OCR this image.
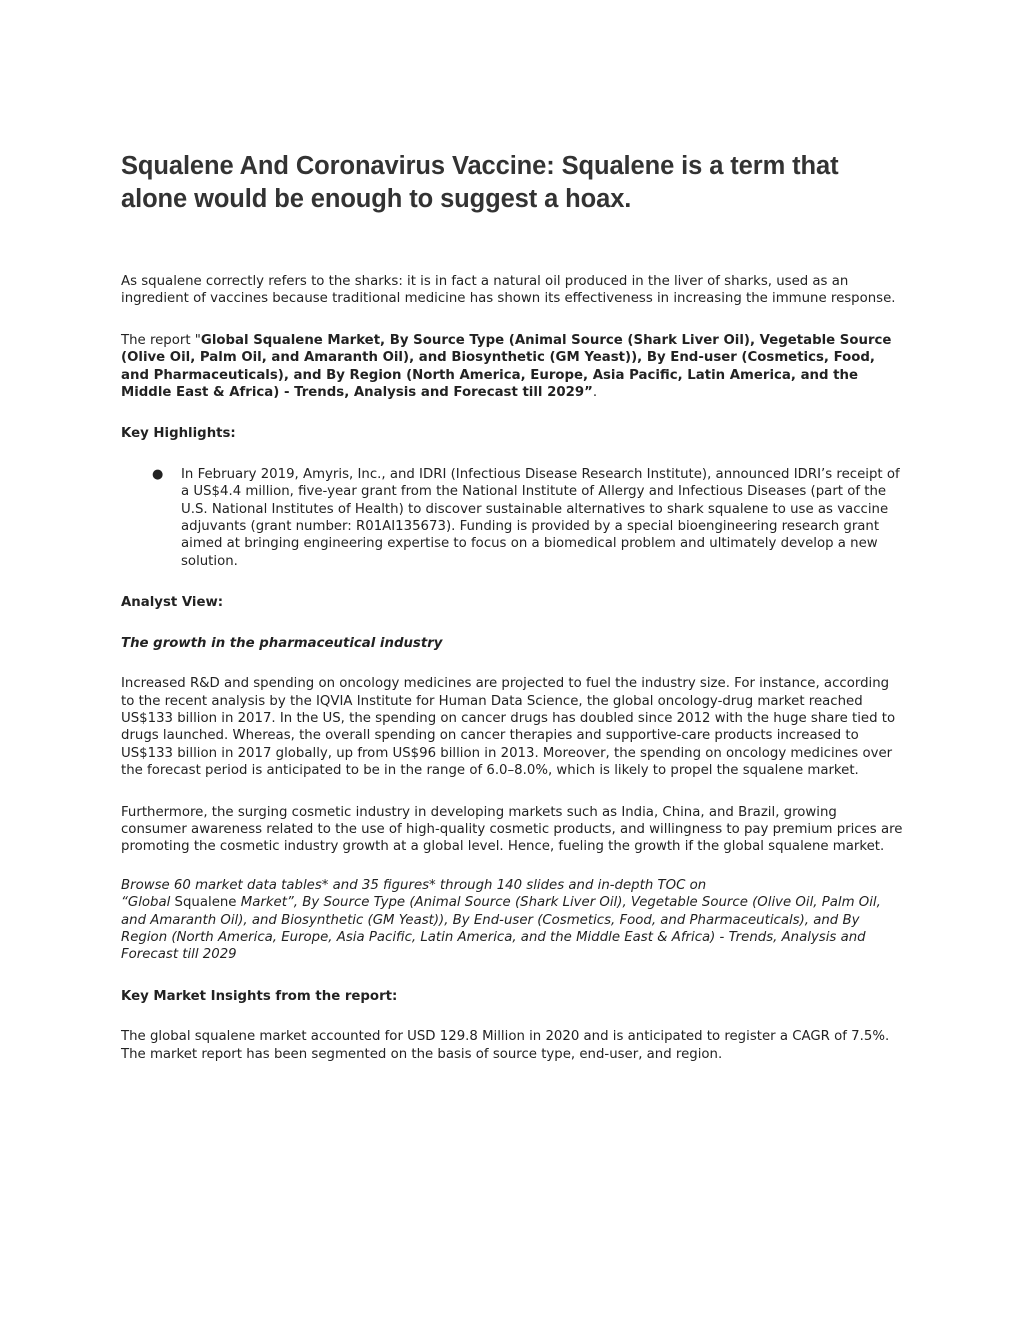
Squalene And Coronavirus Vaccine: Squalene is a term that alone would be enough to suggest a hoax.

As squalene correctly refers to the sharks: it is in fact a natural oil produced in the liver of sharks, used as an ingredient of vaccines because traditional medicine has shown its effectiveness in increasing the immune response.

The report "Global Squalene Market, By Source Type (Animal Source (Shark Liver Oil), Vegetable Source (Olive Oil, Palm Oil, and Amaranth Oil), and Biosynthetic (GM Yeast)), By End-user (Cosmetics, Food, and Pharmaceuticals), and By Region (North America, Europe, Asia Pacific, Latin America, and the Middle East & Africa) - Trends, Analysis and Forecast till 2029”.

Key Highlights:
● In February 2019, Amyris, Inc., and IDRI (Infectious Disease Research Institute), announced IDRI’s receipt of a US$4.4 million, five-year grant from the National Institute of Allergy and Infectious Diseases (part of the U.S. National Institutes of Health) to discover sustainable alternatives to shark squalene to use as vaccine adjuvants (grant number: R01AI135673). Funding is provided by a special bioengineering research grant aimed at bringing engineering expertise to focus on a biomedical problem and ultimately develop a new solution.
Analyst View:
The growth in the pharmaceutical industry

Increased R&D and spending on oncology medicines are projected to fuel the industry size. For instance, according to the recent analysis by the IQVIA Institute for Human Data Science, the global oncology-drug market reached US$133 billion in 2017. In the US, the spending on cancer drugs has doubled since 2012 with the huge share tied to drugs launched. Whereas, the overall spending on cancer therapies and supportive-care products increased to US$133 billion in 2017 globally, up from US$96 billion in 2013. Moreover, the spending on oncology medicines over the forecast period is anticipated to be in the range of 6.0–8.0%, which is likely to propel the squalene market.

Furthermore, the surging cosmetic industry in developing markets such as India, China, and Brazil, growing consumer awareness related to the use of high-quality cosmetic products, and willingness to pay premium prices are promoting the cosmetic industry growth at a global level. Hence, fueling the growth if the global squalene market.

Browse 60 market data tables* and 35 figures* through 140 slides and in-depth TOC on
“Global Squalene Market”, By Source Type (Animal Source (Shark Liver Oil), Vegetable Source (Olive Oil, Palm Oil, and Amaranth Oil), and Biosynthetic (GM Yeast)), By End-user (Cosmetics, Food, and Pharmaceuticals), and By Region (North America, Europe, Asia Pacific, Latin America, and the Middle East & Africa) - Trends, Analysis and Forecast till 2029

Key Market Insights from the report:

The global squalene market accounted for USD 129.8 Million in 2020 and is anticipated to register a CAGR of 7.5%. The market report has been segmented on the basis of source type, end-user, and region.
